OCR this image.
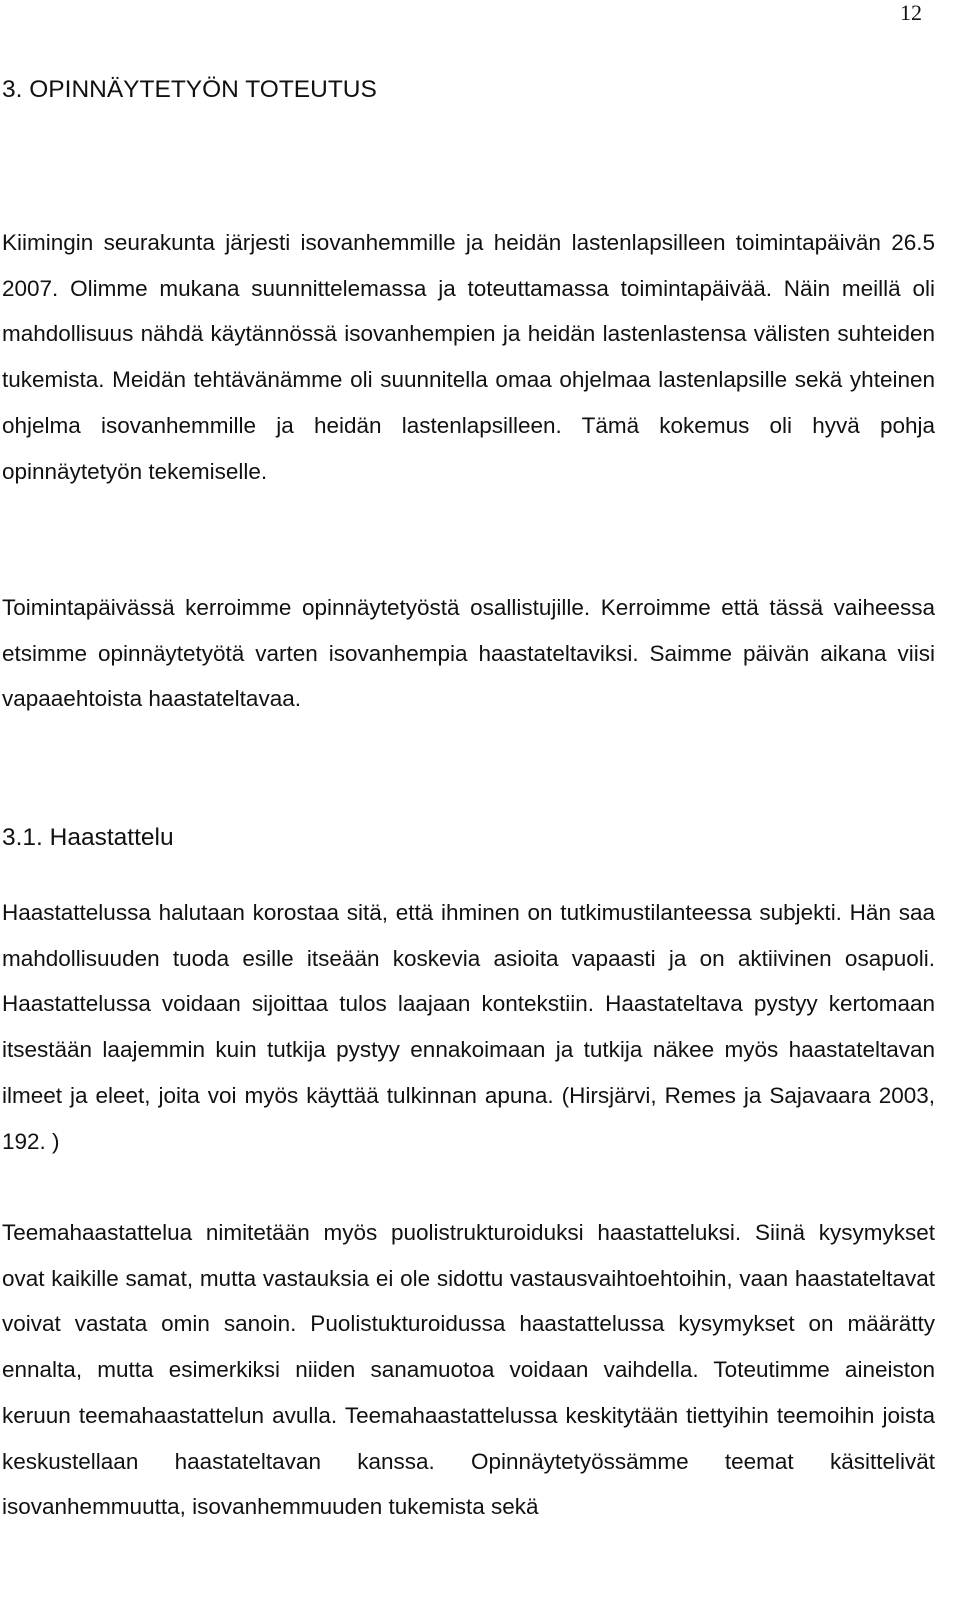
12
3. OPINNÄYTETYÖN TOTEUTUS

Kiimingin seurakunta järjesti isovanhemmille ja heidän lastenlapsilleen toimintapäivän 26.5 2007. Olimme mukana suunnittelemassa ja toteuttamassa toimintapäivää. Näin meillä oli mahdollisuus nähdä käytännössä isovanhempien ja heidän lastenlastensa välisten suhteiden tukemista. Meidän tehtävänämme oli suunnitella omaa ohjelmaa lastenlapsille sekä yhteinen ohjelma isovanhemmille ja heidän lastenlapsilleen. Tämä kokemus oli hyvä pohja opinnäytetyön tekemiselle.

Toimintapäivässä kerroimme opinnäytetyöstä osallistujille. Kerroimme että tässä vaiheessa etsimme opinnäytetyötä varten isovanhempia haastateltaviksi. Saimme päivän aikana viisi vapaaehtoista haastateltavaa.

3.1. Haastattelu

Haastattelussa halutaan korostaa sitä, että ihminen on tutkimustilanteessa subjekti. Hän saa mahdollisuuden tuoda esille itseään koskevia asioita vapaasti ja on aktiivinen osapuoli. Haastattelussa voidaan sijoittaa tulos laajaan kontekstiin. Haastateltava pystyy kertomaan itsestään laajemmin kuin tutkija pystyy ennakoimaan ja tutkija näkee myös haastateltavan ilmeet ja eleet, joita voi myös käyttää tulkinnan apuna. (Hirsjärvi, Remes ja Sajavaara 2003, 192. )

Teemahaastattelua nimitetään myös puolistrukturoiduksi haastatteluksi. Siinä kysymykset ovat kaikille samat, mutta vastauksia ei ole sidottu vastausvaihtoehtoihin, vaan haastateltavat voivat vastata omin sanoin. Puolistukturoidussa haastattelussa kysymykset on määrätty ennalta, mutta esimerkiksi niiden sanamuotoa voidaan vaihdella. Toteutimme aineiston keruun teemahaastattelun avulla. Teemahaastattelussa keskitytään tiettyihin teemoihin joista keskustellaan haastateltavan kanssa. Opinnäytetyössämme teemat käsittelivät isovanhemmuutta, isovanhemmuuden tukemista sekä
